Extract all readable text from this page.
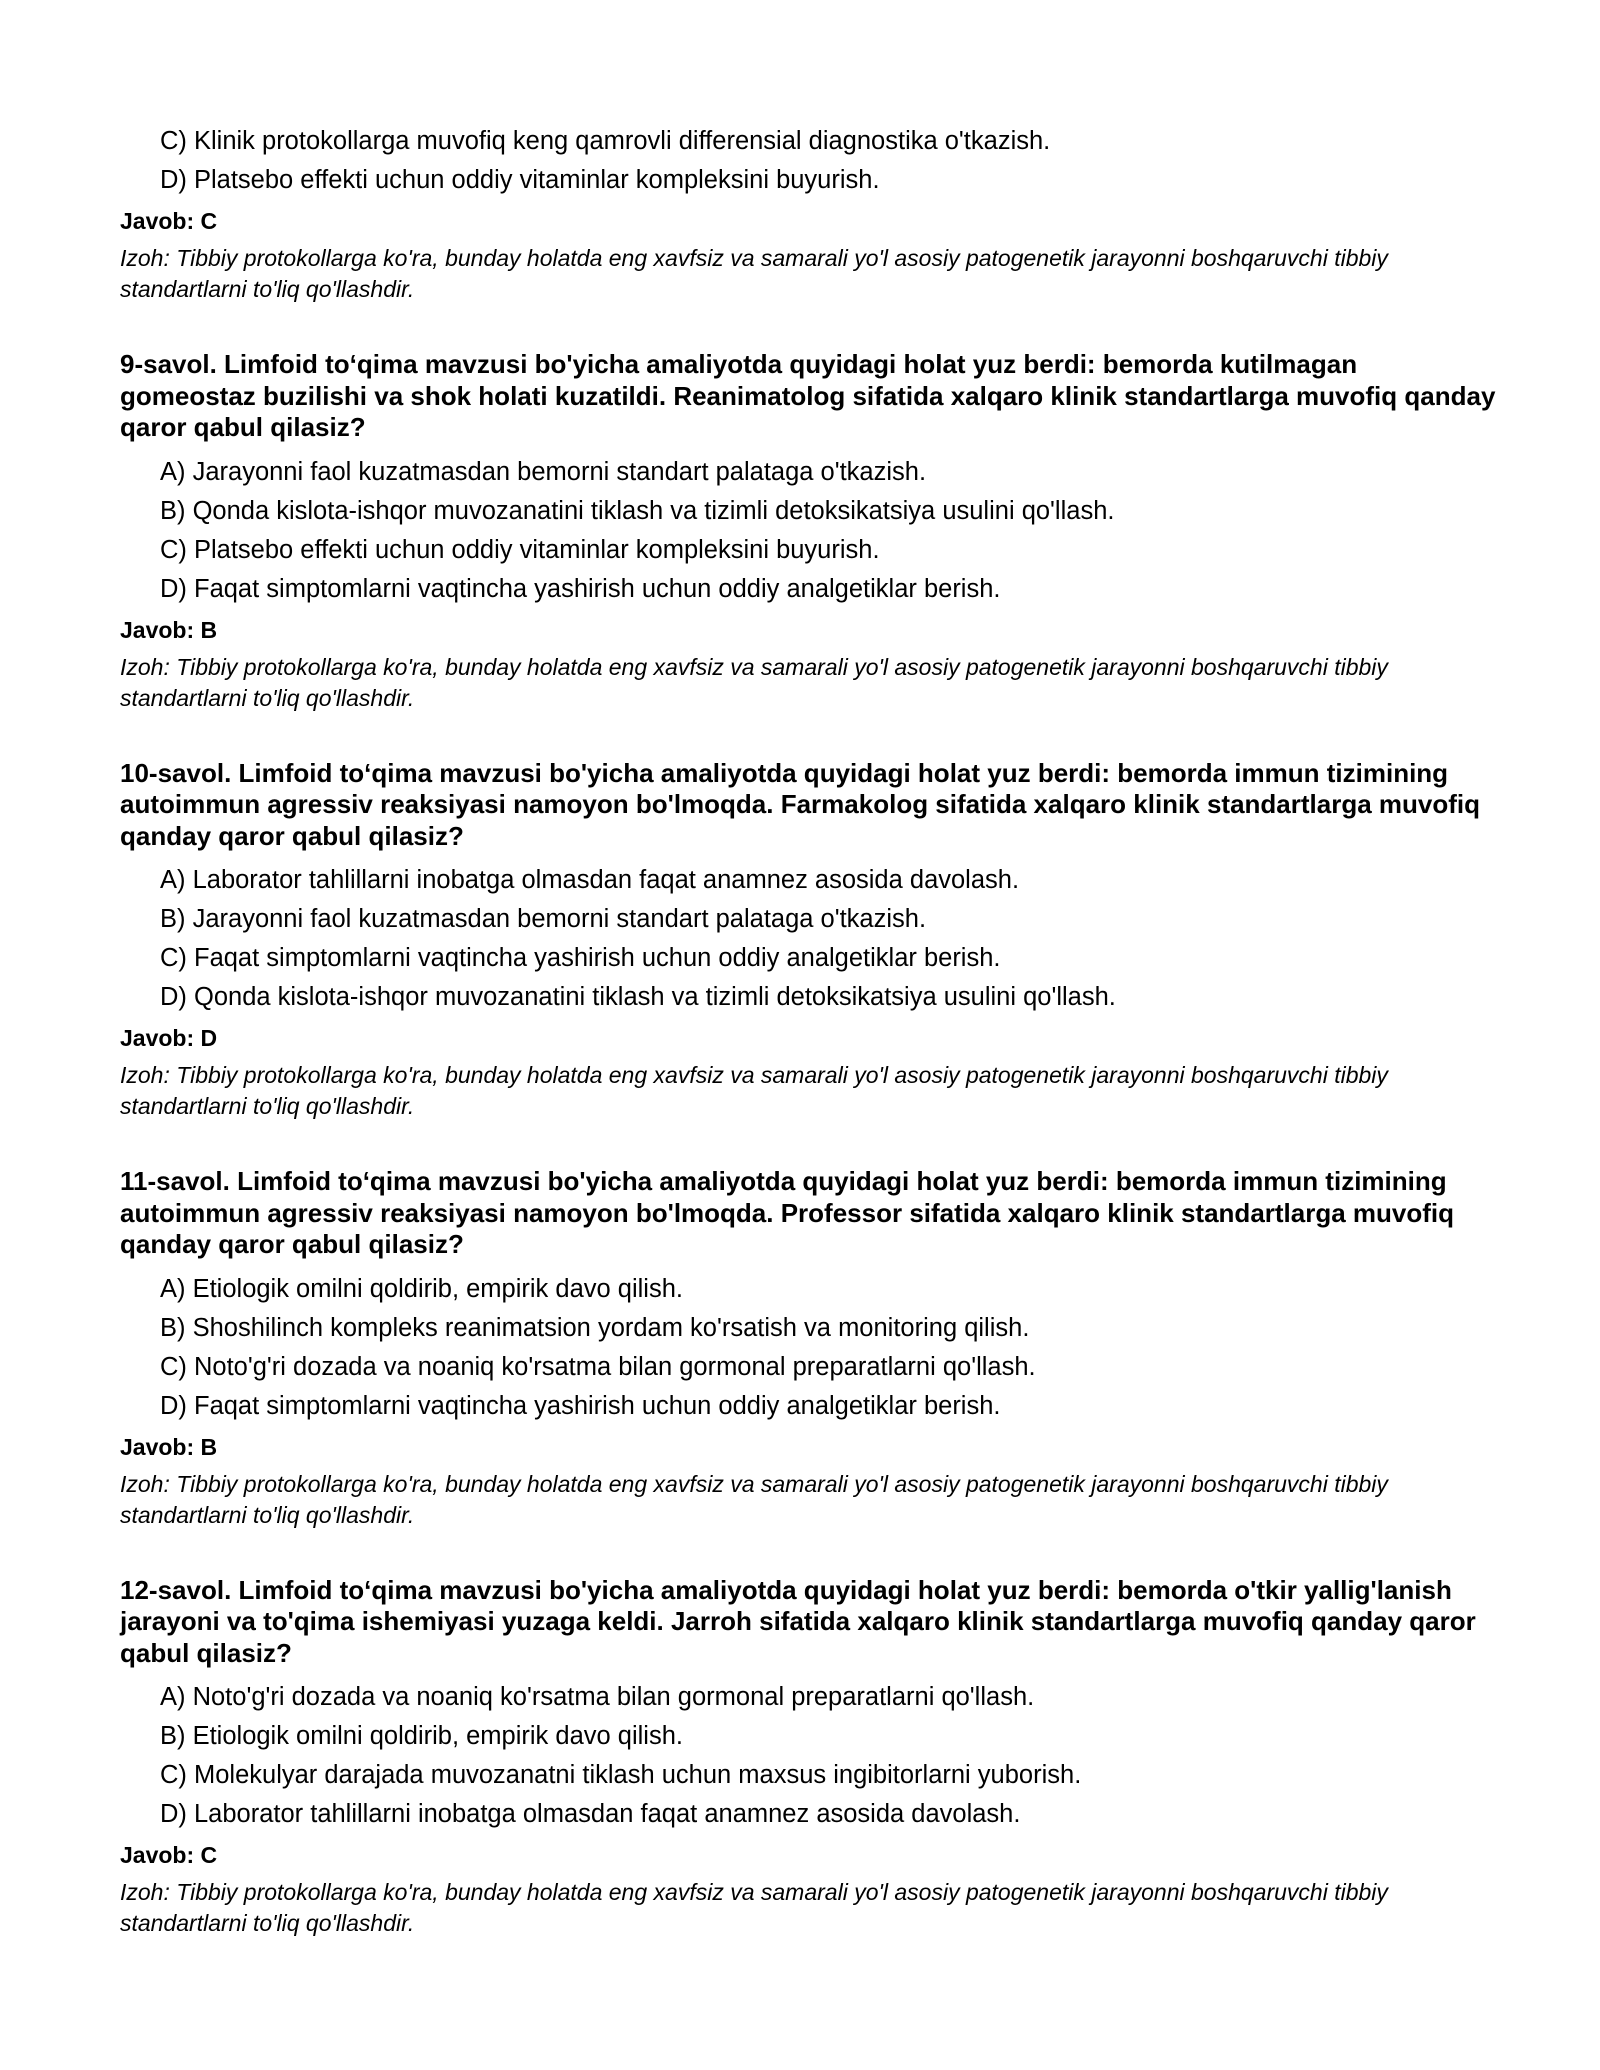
C) Klinik protokollarga muvofiq keng qamrovli differensial diagnostika o'tkazish.
D) Platsebo effekti uchun oddiy vitaminlar kompleksini buyurish.
Javob: C
Izoh: Tibbiy protokollarga ko'ra, bunday holatda eng xavfsiz va samarali yo'l asosiy patogenetik jarayonni boshqaruvchi tibbiy standartlarni to'liq qo'llashdir.

9-savol. Limfoid to‘qima mavzusi bo'yicha amaliyotda quyidagi holat yuz berdi: bemorda kutilmagan gomeostaz buzilishi va shok holati kuzatildi. Reanimatolog sifatida xalqaro klinik standartlarga muvofiq qanday qaror qabul qilasiz?

A) Jarayonni faol kuzatmasdan bemorni standart palataga o'tkazish.
B) Qonda kislota-ishqor muvozanatini tiklash va tizimli detoksikatsiya usulini qo'llash.
C) Platsebo effekti uchun oddiy vitaminlar kompleksini buyurish.
D) Faqat simptomlarni vaqtincha yashirish uchun oddiy analgetiklar berish.
Javob: B
Izoh: Tibbiy protokollarga ko'ra, bunday holatda eng xavfsiz va samarali yo'l asosiy patogenetik jarayonni boshqaruvchi tibbiy standartlarni to'liq qo'llashdir.

10-savol. Limfoid to‘qima mavzusi bo'yicha amaliyotda quyidagi holat yuz berdi: bemorda immun tizimining autoimmun agressiv reaksiyasi namoyon bo'lmoqda. Farmakolog sifatida xalqaro klinik standartlarga muvofiq qanday qaror qabul qilasiz?

A) Laborator tahlillarni inobatga olmasdan faqat anamnez asosida davolash.
B) Jarayonni faol kuzatmasdan bemorni standart palataga o'tkazish.
C) Faqat simptomlarni vaqtincha yashirish uchun oddiy analgetiklar berish.
D) Qonda kislota-ishqor muvozanatini tiklash va tizimli detoksikatsiya usulini qo'llash.
Javob: D
Izoh: Tibbiy protokollarga ko'ra, bunday holatda eng xavfsiz va samarali yo'l asosiy patogenetik jarayonni boshqaruvchi tibbiy standartlarni to'liq qo'llashdir.

11-savol. Limfoid to‘qima mavzusi bo'yicha amaliyotda quyidagi holat yuz berdi: bemorda immun tizimining autoimmun agressiv reaksiyasi namoyon bo'lmoqda. Professor sifatida xalqaro klinik standartlarga muvofiq qanday qaror qabul qilasiz?

A) Etiologik omilni qoldirib, empirik davo qilish.
B) Shoshilinch kompleks reanimatsion yordam ko'rsatish va monitoring qilish.
C) Noto'g'ri dozada va noaniq ko'rsatma bilan gormonal preparatlarni qo'llash.
D) Faqat simptomlarni vaqtincha yashirish uchun oddiy analgetiklar berish.
Javob: B
Izoh: Tibbiy protokollarga ko'ra, bunday holatda eng xavfsiz va samarali yo'l asosiy patogenetik jarayonni boshqaruvchi tibbiy standartlarni to'liq qo'llashdir.

12-savol. Limfoid to‘qima mavzusi bo'yicha amaliyotda quyidagi holat yuz berdi: bemorda o'tkir yallig'lanish jarayoni va to'qima ishemiyasi yuzaga keldi. Jarroh sifatida xalqaro klinik standartlarga muvofiq qanday qaror qabul qilasiz?

A) Noto'g'ri dozada va noaniq ko'rsatma bilan gormonal preparatlarni qo'llash.
B) Etiologik omilni qoldirib, empirik davo qilish.
C) Molekulyar darajada muvozanatni tiklash uchun maxsus ingibitorlarni yuborish.
D) Laborator tahlillarni inobatga olmasdan faqat anamnez asosida davolash.
Javob: C
Izoh: Tibbiy protokollarga ko'ra, bunday holatda eng xavfsiz va samarali yo'l asosiy patogenetik jarayonni boshqaruvchi tibbiy standartlarni to'liq qo'llashdir.
